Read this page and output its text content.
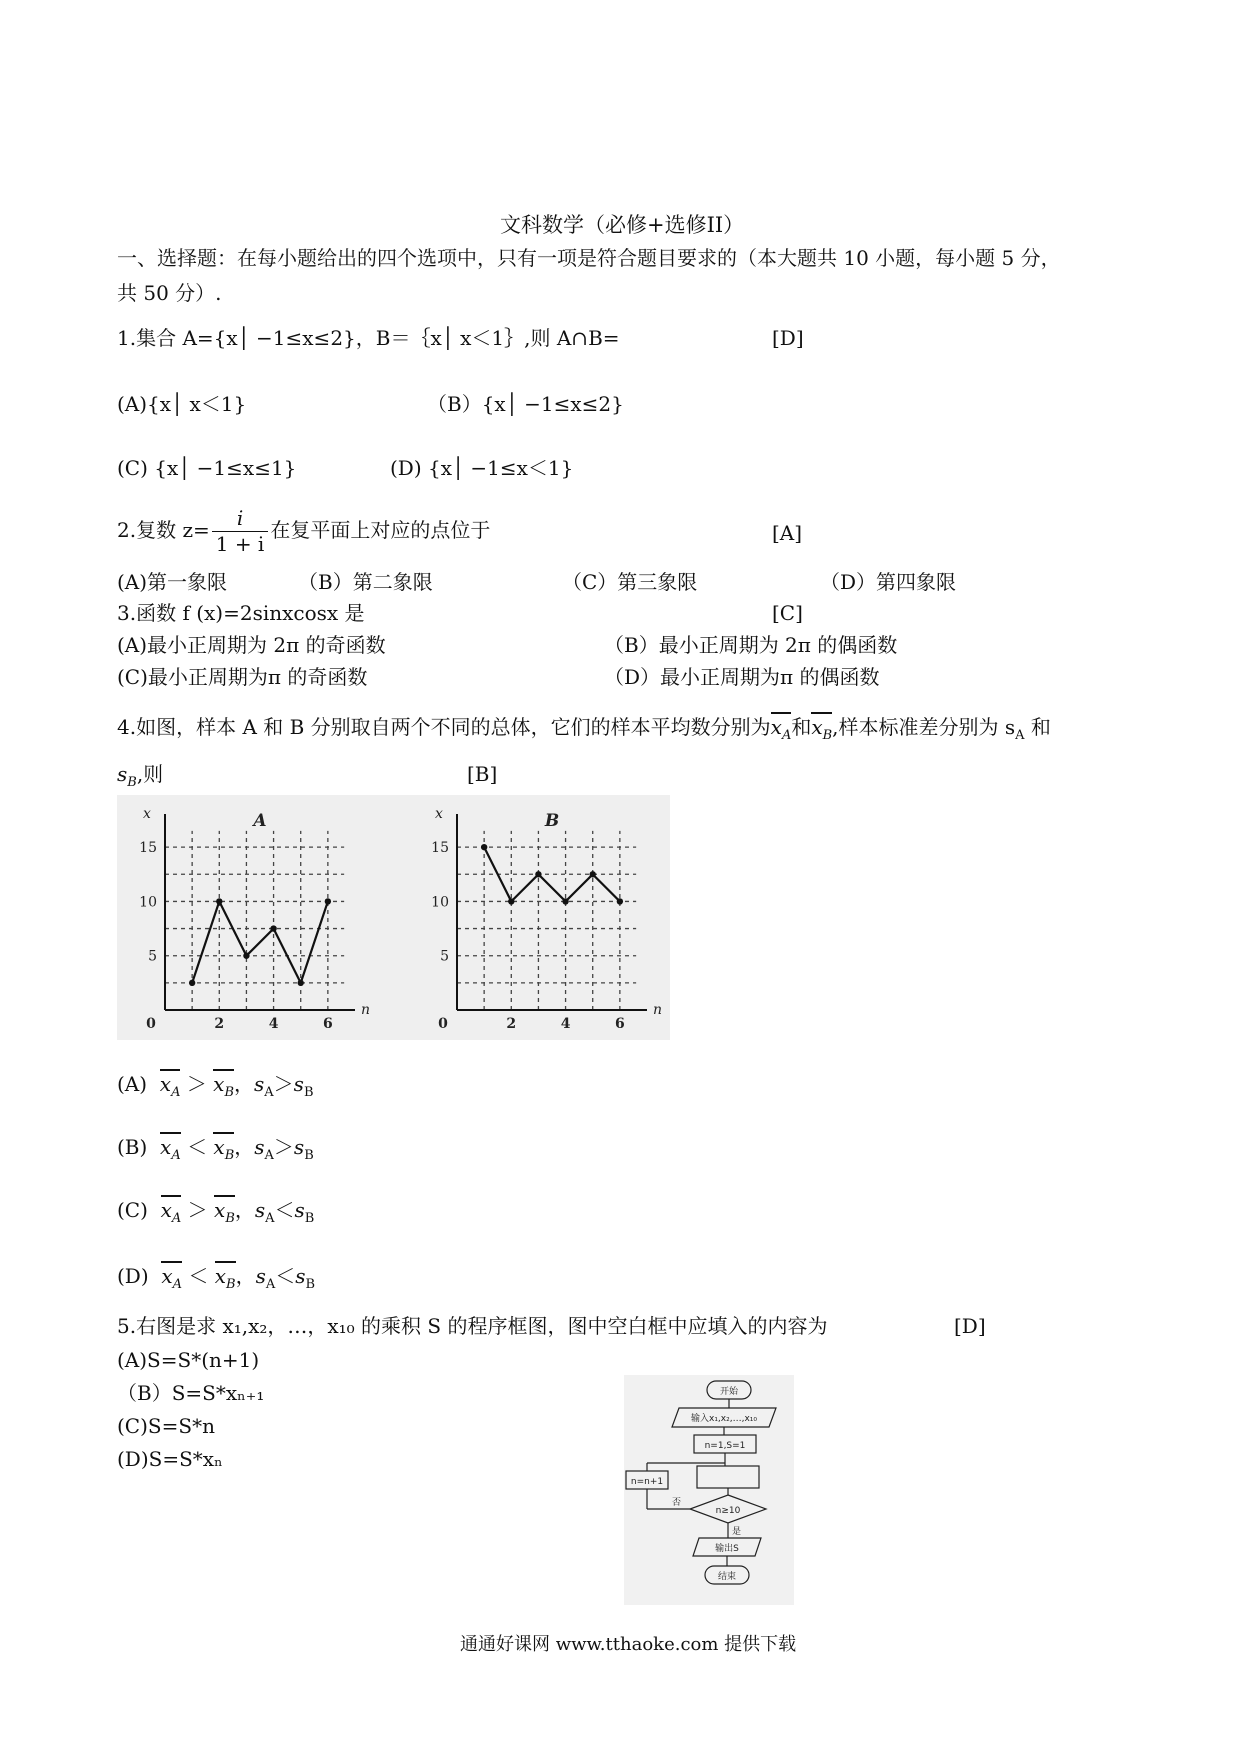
文科数学（必修+选修II）
一、选择题：在每小题给出的四个选项中，只有一项是符合题目要求的（本大题共 10 小题，每小题 5 分，
共 50 分）.
1.集合 A={x│ −1≤x≤2}，B＝｛x│ x＜1｝,则 A∩B=	[D]
(A){x│ x＜1}	（B）{x│ −1≤x≤2}
(C) {x│ −1≤x≤1}	(D) {x│ −1≤x＜1}
2.复数 $z= \frac{i}{1 + i}$ 在复平面上对应的点位于	[A]
(A)第一象限	（B）第二象限	（C）第三象限	（D）第四象限
3.函数 f (x)=2sinxcosx 是	[C]
(A)最小正周期为 2π 的奇函数	（B）最小正周期为 2π 的偶函数
(C)最小正周期为π 的奇函数	（D）最小正周期为π 的偶函数
4.如图，样本 A 和 B 分别取自两个不同的总体，它们的样本平均数分别为$x_A$和$x_B$,样本标准差分别为 $s_A$ 和
$s_B$,则	[B]
0	2	4	6
5
10
15
A
n
x
0	2	4	6
5
10
15
B
n
x
(A) $x_A > x_B$，$s_A>s_B$
(B) $x_A < x_B$，$s_A>s_B$
(C) $x_A > x_B$，$s_A<s_B$
(D) $x_A < x_B$，$s_A<s_B$
5.右图是求 x₁,x₂，…，x₁₀ 的乘积 S 的程序框图，图中空白框中应填入的内容为	[D]
(A)S=S*(n+1)
（B）S=S*xₙ₊₁
(C)S=S*n
(D)S=S*xₙ
开始
输入x₁,x₂,…,x₁₀
n=1,S=1
n≥10
n=n+1
否
是
输出S
结束
通通好课网 www.tthaoke.com 提供下载
